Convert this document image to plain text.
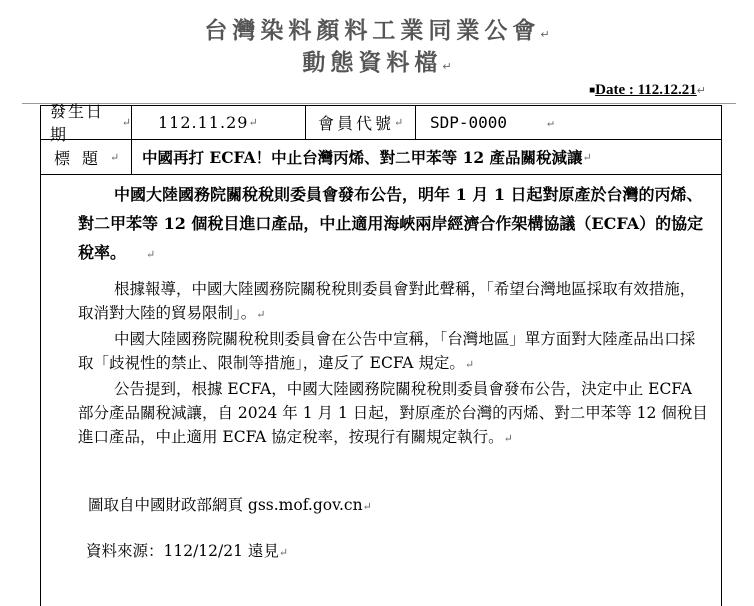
台灣染料顏料工業同業公會↵
動態資料檔↵
■Date : 112.12.21↵
發生日期
↵ 112.11.29 ↵	會員代號 ↵ SDP-0000	↵
標題 ↵ 中國再打 ECFA！中止台灣丙烯、對二甲苯等 12 產品關稅減讓 ↵

中國大陸國務院關稅稅則委員會發布公告，明年 1 月 1 日起對原產於台灣的丙烯、對二甲苯等 12 個稅目進口產品，中止適用海峽兩岸經濟合作架構協議（ECFA）的協定稅率。 ↵

根據報導，中國大陸國務院關稅稅則委員會對此聲稱，「希望台灣地區採取有效措施，取消對大陸的貿易限制」。↵

中國大陸國務院關稅稅則委員會在公告中宣稱，「台灣地區」單方面對大陸產品出口採取「歧視性的禁止、限制等措施」，違反了 ECFA 規定。↵

公告提到，根據 ECFA，中國大陸國務院關稅稅則委員會發布公告，決定中止 ECFA 部分產品關稅減讓，自 2024 年 1 月 1 日起，對原產於台灣的丙烯、對二甲苯等 12 個稅目進口產品，中止適用 ECFA 協定稅率，按現行有關規定執行。↵

圖取自中國財政部網頁 gss.mof.gov.cn↵
資料來源：112/12/21 遠見↵
